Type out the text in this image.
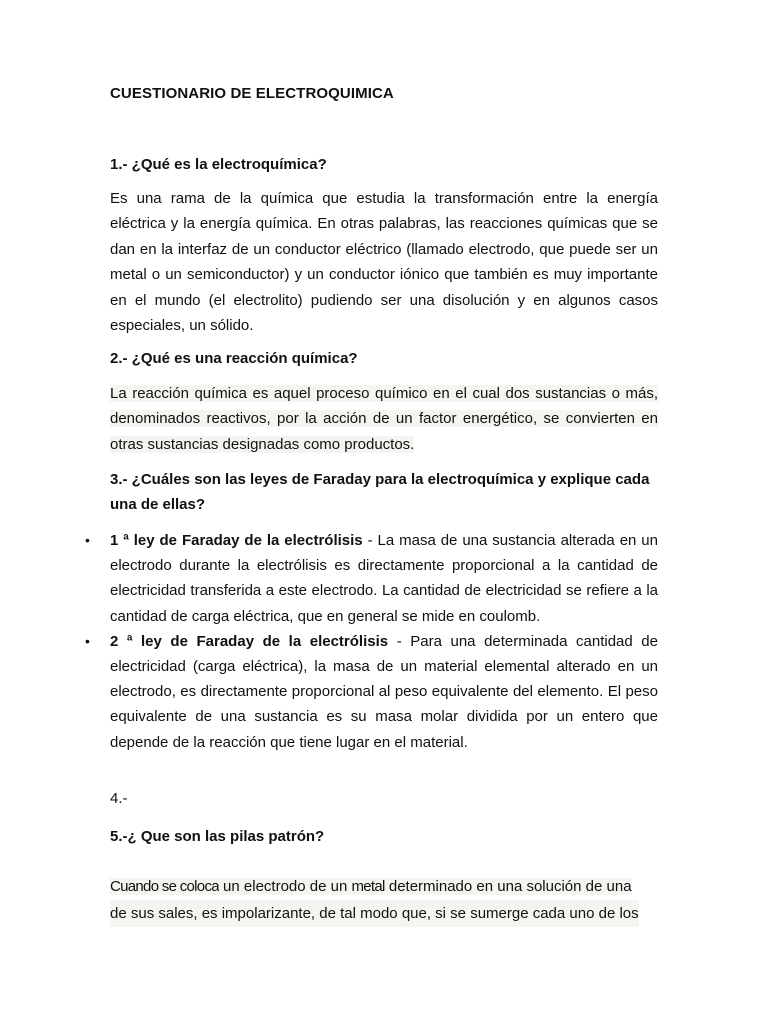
CUESTIONARIO DE ELECTROQUIMICA
1.- ¿Qué es la electroquímica?
Es una rama de la química que estudia la transformación entre la energía eléctrica y la energía química. En otras palabras, las reacciones químicas que se dan en la interfaz de un conductor eléctrico (llamado electrodo, que puede ser un metal o un semiconductor) y un conductor iónico que también es muy importante en el mundo (el electrolito) pudiendo ser una disolución y en algunos casos especiales, un sólido.
2.- ¿Qué es una reacción química?
La reacción química es aquel proceso químico en el cual dos sustancias o más, denominados reactivos, por la acción de un factor energético, se convierten en otras sustancias designadas como productos.
3.- ¿Cuáles son las leyes de Faraday para la electroquímica y explique cada una de ellas?
• 1 ª ley de Faraday de la electrólisis - La masa de una sustancia alterada en un electrodo durante la electrólisis es directamente proporcional a la cantidad de electricidad transferida a este electrodo. La cantidad de electricidad se refiere a la cantidad de carga eléctrica, que en general se mide en coulomb.
• 2 ª ley de Faraday de la electrólisis - Para una determinada cantidad de electricidad (carga eléctrica), la masa de un material elemental alterado en un electrodo, es directamente proporcional al peso equivalente del elemento. El peso equivalente de una sustancia es su masa molar dividida por un entero que depende de la reacción que tiene lugar en el material.
4.-
5.-¿ Que son las pilas patrón?
Cuando se coloca un electrodo de un metal determinado en una solución de una
de sus sales, es impolarizante, de tal modo que, si se sumerge cada uno de los
